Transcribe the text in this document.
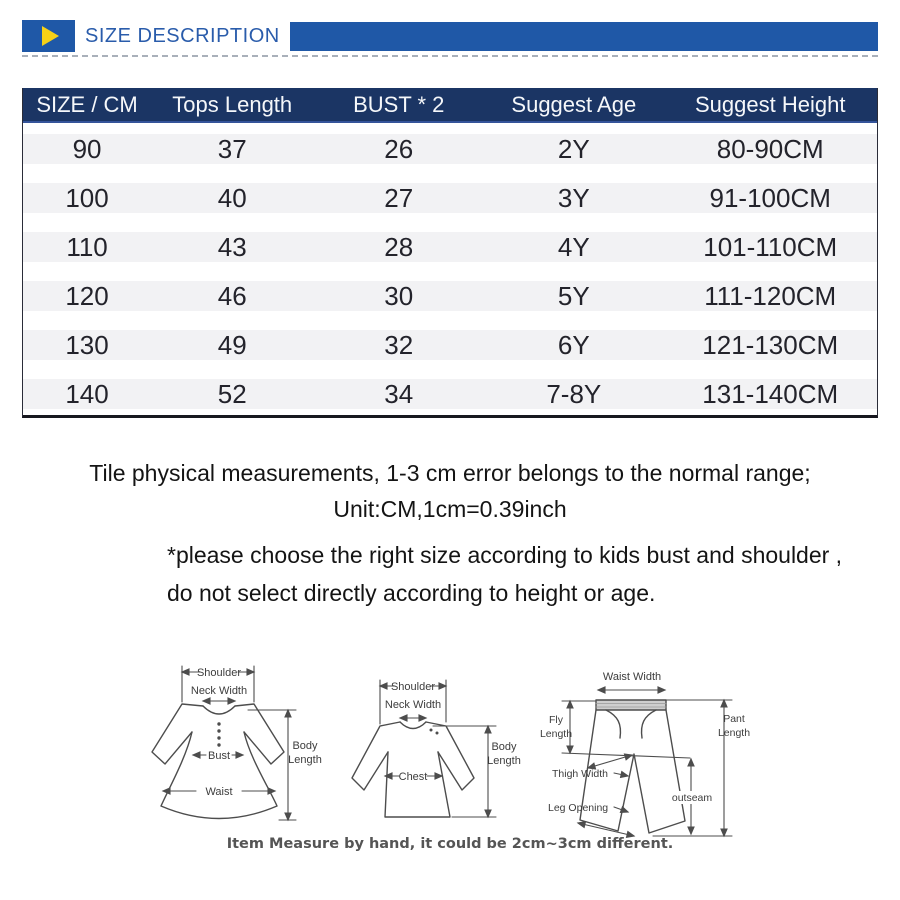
SIZE DESCRIPTION
SIZE / CM	Tops Length	BUST * 2	Suggest Age	Suggest Height
90	37	26	2Y	80-90CM
100	40	27	3Y	91-100CM
110	43	28	4Y	101-110CM
120	46	30	5Y	111-120CM
130	49	32	6Y	121-130CM
140	52	34	7-8Y	131-140CM
Tile physical measurements, 1-3 cm error belongs to the normal range;
Unit:CM,1cm=0.39inch
*please choose the right size according to kids bust and shoulder ,
do not select directly according to height or age.
Shoulder
Neck Width
Bust
Waist
Body
Length
Shoulder
Neck Width
Chest
Body
Length
Waist Width
Fly
Length
Pant
Length
Thigh Width
outseam
Leg Opening
Item Measure by hand, it could be 2cm~3cm different.
